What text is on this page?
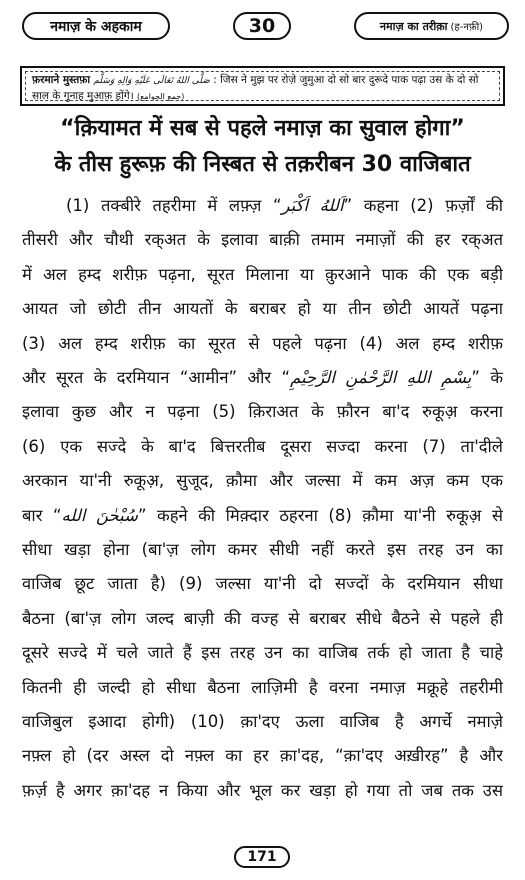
नमाज़ के अहकाम	30	नमाज़ का तरीक़ा (ह-नफ़ी)
फ़रमाने मुस्तफ़ा صَلَّى اللهُ تَعَالَى عَلَيْهِ وَالِهِ وَسَلَّم : जिस ने मुझ पर रोज़े जुमुआ दो सो बार दुरूदे पाक पढ़ा उस के दो सो साल के गुनाह मुआफ़ होंगे। (جمع الجوامع)
“क़ियामत में सब से पहले नमाज़ का सुवाल होगा”
के तीस हुरूफ़ की निस्बत से तक़रीबन 30 वाजिबात
(1) तक्बीरे तहरीमा में लफ़्ज़ “اَللهُ اَكْبَر” कहना (2) फ़र्ज़ों की
तीसरी और चौथी रक्अत के इलावा बाक़ी तमाम नमाज़ों की हर रक्अत
में अल हम्द शरीफ़ पढ़ना, सूरत मिलाना या क़ुरआने पाक की एक बड़ी
आयत जो छोटी तीन आयतों के बराबर हो या तीन छोटी आयतें पढ़ना
(3) अल हम्द शरीफ़ का सूरत से पहले पढ़ना (4) अल हम्द शरीफ़
और सूरत के दरमियान “आमीन” और “بِسْمِ اللهِ الرَّحْمٰنِ الرَّحِيْمِ” के
इलावा कुछ और न पढ़ना (5) क़िराअत के फ़ौरन बा'द रुकूअ़ करना
(6) एक सज्दे के बा'द बित्तरतीब दूसरा सज्दा करना (7) ता'दीले
अरकान या'नी रुकूअ़, सुजूद, क़ौमा और जल्सा में कम अज़ कम एक
बार “سُبْحٰنَ الله” कहने की मिक़्दार ठहरना (8) क़ौमा या'नी रुकूअ़ से
सीधा खड़ा होना (बा'ज़ लोग कमर सीधी नहीं करते इस तरह उन का
वाजिब छूट जाता है) (9) जल्सा या'नी दो सज्दों के दरमियान सीधा
बैठना (बा'ज़ लोग जल्द बाज़ी की वज्ह से बराबर सीधे बैठने से पहले ही
दूसरे सज्दे में चले जाते हैं इस तरह उन का वाजिब तर्क हो जाता है चाहे
कितनी ही जल्दी हो सीधा बैठना लाज़िमी है वरना नमाज़ मक्रूहे तहरीमी
वाजिबुल इआदा होगी) (10) क़ा'दए ऊला वाजिब है अगर्चे नमाज़े
नफ़्ल हो (दर अस्ल दो नफ़्ल का हर क़ा'दह, “क़ा'दए अख़ीरह” है और
फ़र्ज़ है अगर क़ा'दह न किया और भूल कर खड़ा हो गया तो जब तक उस
171
